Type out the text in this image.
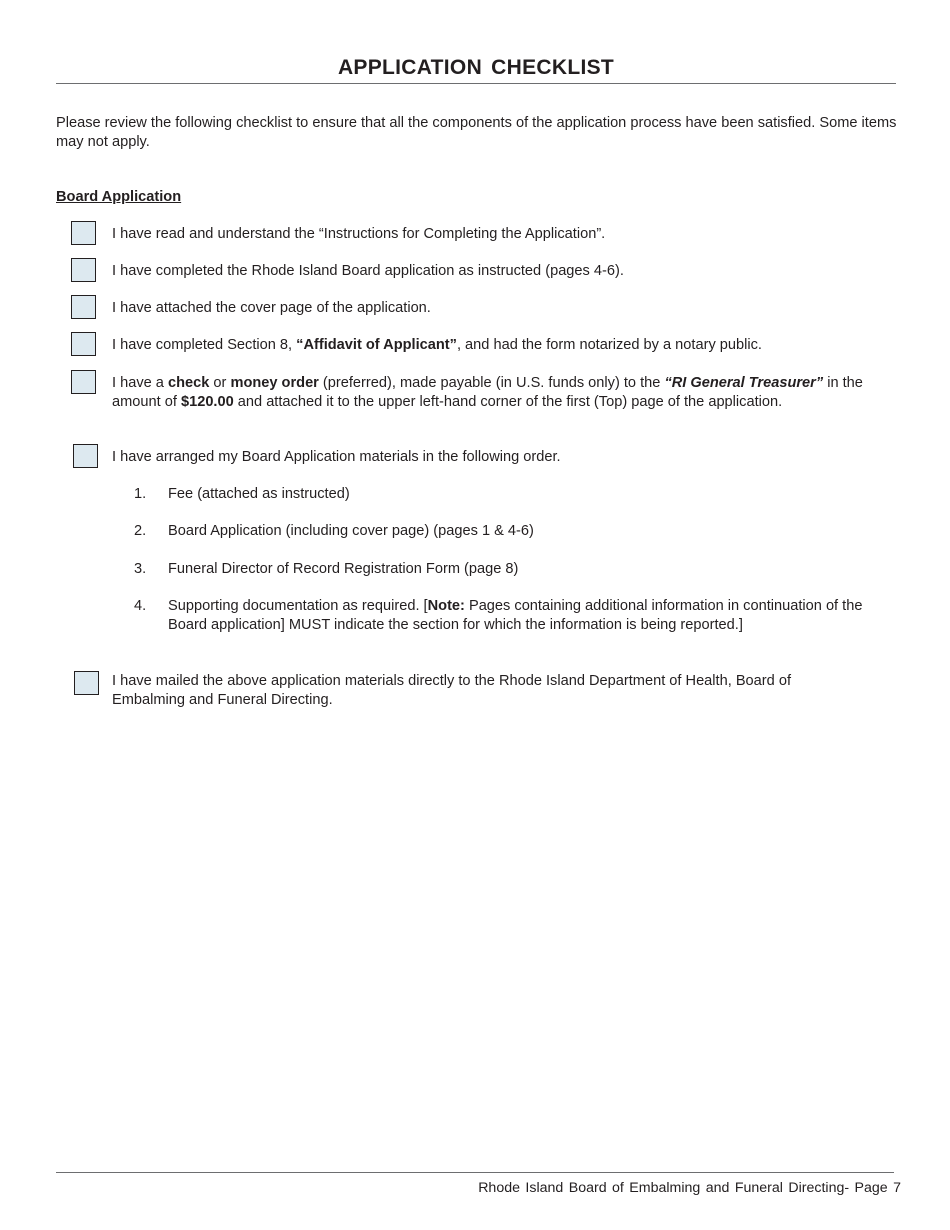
APPLICATION CHECKLIST
Please review the following checklist to ensure that all the components of the application process have been satisfied. Some items may not apply.
Board Application
I have read and understand the “Instructions for Completing the Application”.
I have completed the Rhode Island Board application as instructed (pages 4-6).
I have attached the cover page of the application.
I have completed Section 8, “Affidavit of Applicant”, and had the form notarized by a notary public.
I have a check or money order (preferred), made payable (in U.S. funds only) to the “RI General Treasurer” in the amount of $120.00 and attached it to the upper left-hand corner of the first (Top) page of the application.
I have arranged my Board Application materials in the following order.
1.	Fee (attached as instructed)
2.	Board Application (including cover page) (pages 1 & 4-6)
3.	Funeral Director of Record Registration Form (page 8)
4.	Supporting documentation as required. [Note: Pages containing additional information in continuation of the Board application] MUST indicate the section for which the information is being reported.]
I have mailed the above application materials directly to the Rhode Island Department of Health, Board of Embalming and Funeral Directing.
Rhode Island Board of Embalming and Funeral Directing- Page 7
